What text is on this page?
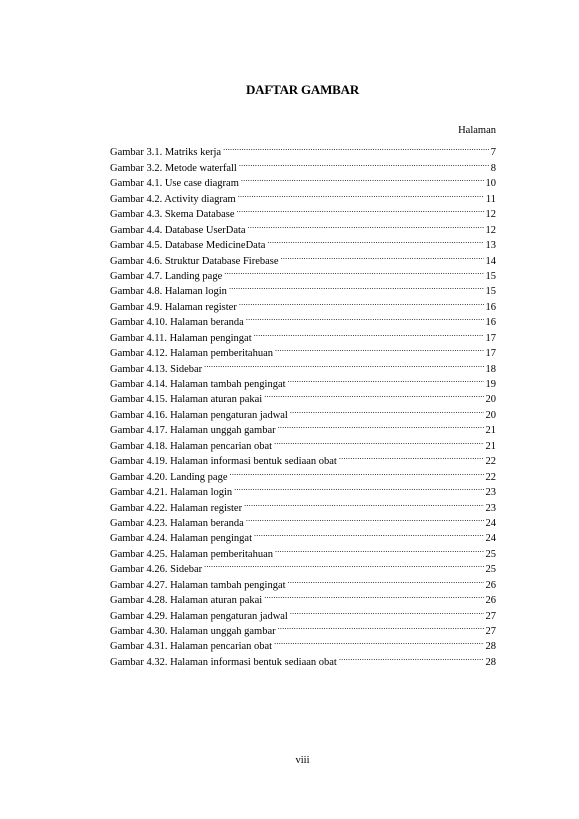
DAFTAR GAMBAR
Halaman
Gambar 3.1. Matriks kerja .....	7
Gambar 3.2. Metode waterfall .....	8
Gambar 4.1. Use case diagram .....	10
Gambar 4.2. Activity diagram .....	11
Gambar 4.3. Skema Database .....	12
Gambar 4.4. Database UserData .....	12
Gambar 4.5. Database MedicineData .....	13
Gambar 4.6. Struktur Database Firebase .....	14
Gambar 4.7. Landing page .....	15
Gambar 4.8. Halaman login .....	15
Gambar 4.9. Halaman register .....	16
Gambar 4.10. Halaman beranda .....	16
Gambar 4.11. Halaman pengingat .....	17
Gambar 4.12. Halaman pemberitahuan .....	17
Gambar 4.13. Sidebar .....	18
Gambar 4.14. Halaman tambah pengingat .....	19
Gambar 4.15. Halaman aturan pakai .....	20
Gambar 4.16. Halaman pengaturan jadwal .....	20
Gambar 4.17. Halaman unggah gambar .....	21
Gambar 4.18. Halaman pencarian obat .....	21
Gambar 4.19. Halaman informasi bentuk sediaan obat .....	22
Gambar 4.20. Landing page .....	22
Gambar 4.21. Halaman login .....	23
Gambar 4.22. Halaman register .....	23
Gambar 4.23. Halaman beranda .....	24
Gambar 4.24. Halaman pengingat .....	24
Gambar 4.25. Halaman pemberitahuan .....	25
Gambar 4.26. Sidebar .....	25
Gambar 4.27. Halaman tambah pengingat .....	26
Gambar 4.28. Halaman aturan pakai .....	26
Gambar 4.29. Halaman pengaturan jadwal .....	27
Gambar 4.30. Halaman unggah gambar .....	27
Gambar 4.31. Halaman pencarian obat .....	28
Gambar 4.32. Halaman informasi bentuk sediaan obat .....	28
viii
